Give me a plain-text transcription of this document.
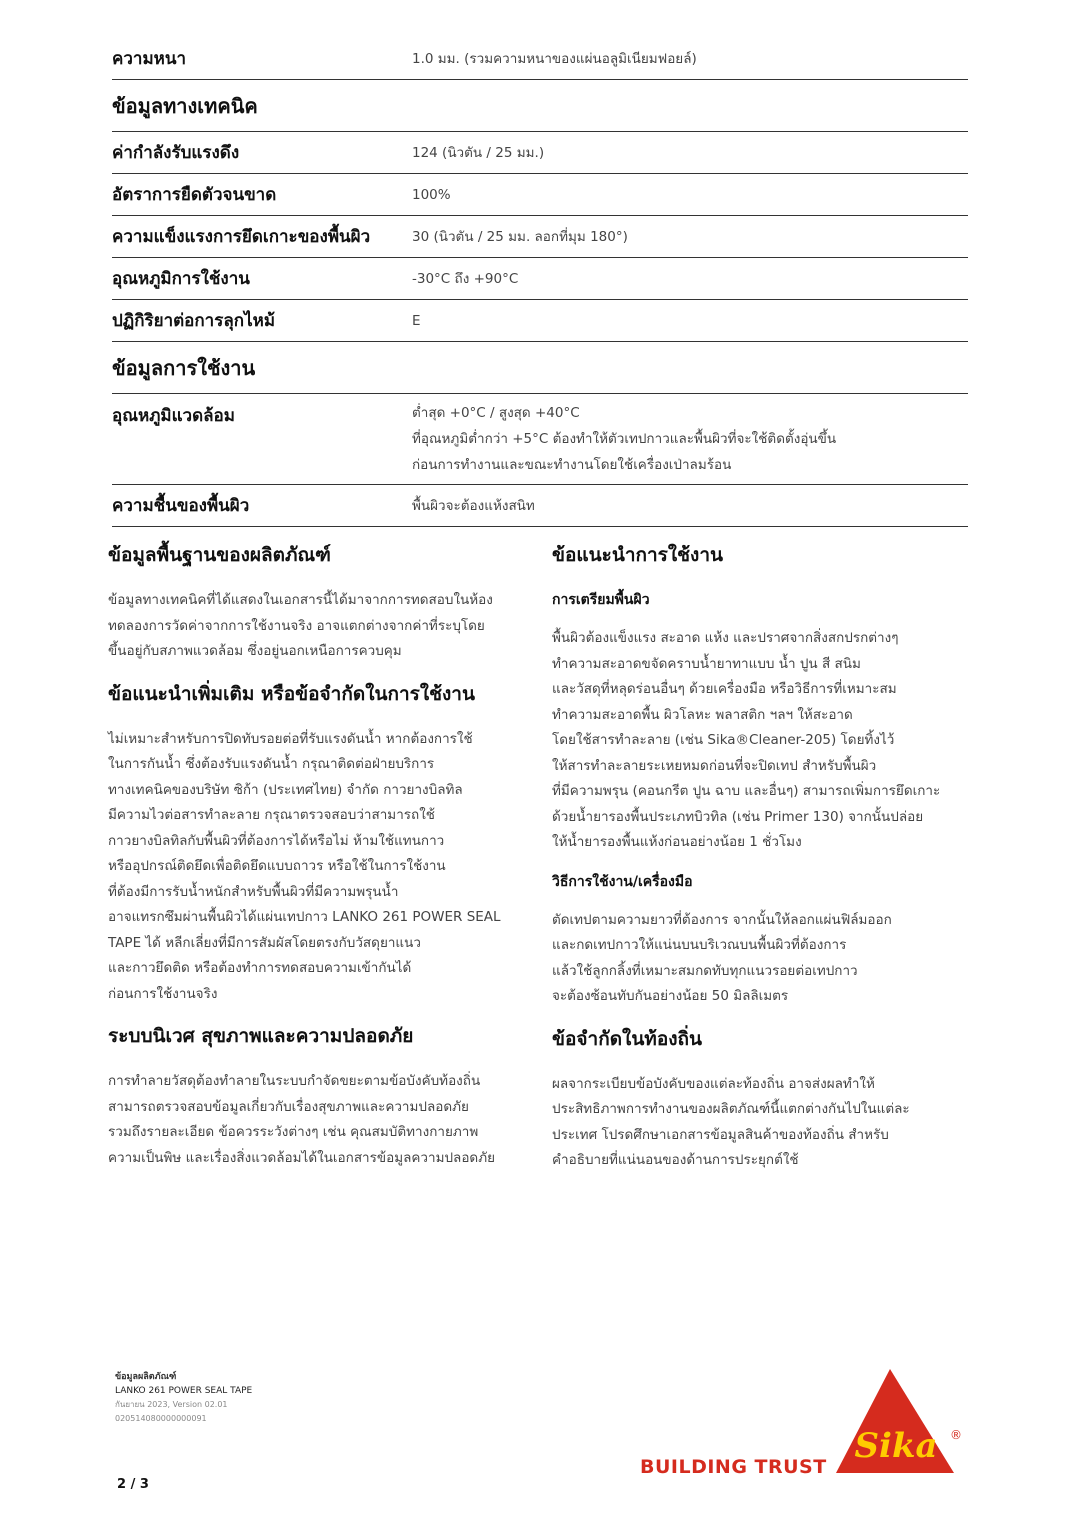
ความหนา	1.0 มม. (รวมความหนาของแผ่นอลูมิเนียมฟอยล์)
ข้อมูลทางเทคนิค
ค่ากำลังรับแรงดึง	124 (นิวตัน / 25 มม.)
อัตราการยืดตัวจนขาด	100%
ความแข็งแรงการยึดเกาะของพื้นผิว	30 (นิวตัน / 25 มม. ลอกที่มุม 180°)
อุณหภูมิการใช้งาน	-30°C ถึง +90°C
ปฏิกิริยาต่อการลุกไหม้	E
ข้อมูลการใช้งาน
อุณหภูมิแวดล้อม	ต่ำสุด +0°C / สูงสุด +40°C
ที่อุณหภูมิต่ำกว่า +5°C ต้องทำให้ตัวเทปกาวและพื้นผิวที่จะใช้ติดตั้งอุ่นขึ้น
ก่อนการทำงานและขณะทำงานโดยใช้เครื่องเป่าลมร้อน
ความชื้นของพื้นผิว	พื้นผิวจะต้องแห้งสนิท
ข้อมูลพื้นฐานของผลิตภัณฑ์

ข้อมูลทางเทคนิคที่ได้แสดงในเอกสารนี้ได้มาจากการทดสอบในห้อง
ทดลองการวัดค่าจากการใช้งานจริง อาจแตกต่างจากค่าที่ระบุโดย
ขึ้นอยู่กับสภาพแวดล้อม ซึ่งอยู่นอกเหนือการควบคุม

ข้อแนะนำเพิ่มเติม หรือข้อจำกัดในการใช้งาน

ไม่เหมาะสำหรับการปิดทับรอยต่อที่รับแรงดันน้ำ หากต้องการใช้
ในการกันน้ำ ซึ่งต้องรับแรงดันน้ำ กรุณาติดต่อฝ่ายบริการ
ทางเทคนิคของบริษัท ซิก้า (ประเทศไทย) จำกัด กาวยางบิลทิล
มีความไวต่อสารทำละลาย กรุณาตรวจสอบว่าสามารถใช้
กาวยางบิลทิลกับพื้นผิวที่ต้องการได้หรือไม่ ห้ามใช้แทนกาว
หรืออุปกรณ์ติดยึดเพื่อติดยึดแบบถาวร หรือใช้ในการใช้งาน
ที่ต้องมีการรับน้ำหนักสำหรับพื้นผิวที่มีความพรุนน้ำ
อาจแทรกซึมผ่านพื้นผิวได้แผ่นเทปกาว LANKO 261 POWER SEAL
TAPE ได้ หลีกเลี่ยงที่มีการสัมผัสโดยตรงกับวัสดุยาแนว
และกาวยึดติด หรือต้องทำการทดสอบความเข้ากันได้
ก่อนการใช้งานจริง

ระบบนิเวศ สุขภาพและความปลอดภัย

การทำลายวัสดุต้องทำลายในระบบกำจัดขยะตามข้อบังคับท้องถิ่น
สามารถตรวจสอบข้อมูลเกี่ยวกับเรื่องสุขภาพและความปลอดภัย
รวมถึงรายละเอียด ข้อควรระวังต่างๆ เช่น คุณสมบัติทางกายภาพ
ความเป็นพิษ และเรื่องสิ่งแวดล้อมได้ในเอกสารข้อมูลความปลอดภัย

ข้อแนะนำการใช้งาน
การเตรียมพื้นผิว

พื้นผิวต้องแข็งแรง สะอาด แห้ง และปราศจากสิ่งสกปรกต่างๆ
ทำความสะอาดขจัดคราบน้ำยาทาแบบ น้ำ ปูน สี สนิม
และวัสดุที่หลุดร่อนอื่นๆ ด้วยเครื่องมือ หรือวิธีการที่เหมาะสม
ทำความสะอาดพื้น ผิวโลหะ พลาสติก ฯลฯ ให้สะอาด
โดยใช้สารทำละลาย (เช่น Sika®Cleaner-205) โดยทิ้งไว้
ให้สารทำละลายระเหยหมดก่อนที่จะปิดเทป สำหรับพื้นผิว
ที่มีความพรุน (คอนกรีต ปูน ฉาบ และอื่นๆ) สามารถเพิ่มการยึดเกาะ
ด้วยน้ำยารองพื้นประเภทบิวทิล (เช่น Primer 130) จากนั้นปล่อย
ให้น้ำยารองพื้นแห้งก่อนอย่างน้อย 1 ชั่วโมง

วิธีการใช้งาน/เครื่องมือ

ตัดเทปตามความยาวที่ต้องการ จากนั้นให้ลอกแผ่นฟิล์มออก
และกดเทปกาวให้แน่นบนบริเวณบนพื้นผิวที่ต้องการ
แล้วใช้ลูกกลิ้งที่เหมาะสมกดทับทุกแนวรอยต่อเทปกาว
จะต้องซ้อนทับกันอย่างน้อย 50 มิลลิเมตร

ข้อจำกัดในท้องถิ่น

ผลจากระเบียบข้อบังคับของแต่ละท้องถิ่น อาจส่งผลทำให้
ประสิทธิภาพการทำงานของผลิตภัณฑ์นี้แตกต่างกันไปในแต่ละ
ประเทศ โปรดศึกษาเอกสารข้อมูลสินค้าของท้องถิ่น สำหรับ
คำอธิบายที่แน่นอนของด้านการประยุกต์ใช้

ข้อมูลผลิตภัณฑ์
LANKO 261 POWER SEAL TAPE
กันยายน 2023, Version 02.01
020514080000000091
2 / 3
BUILDING TRUST
Sika ®
